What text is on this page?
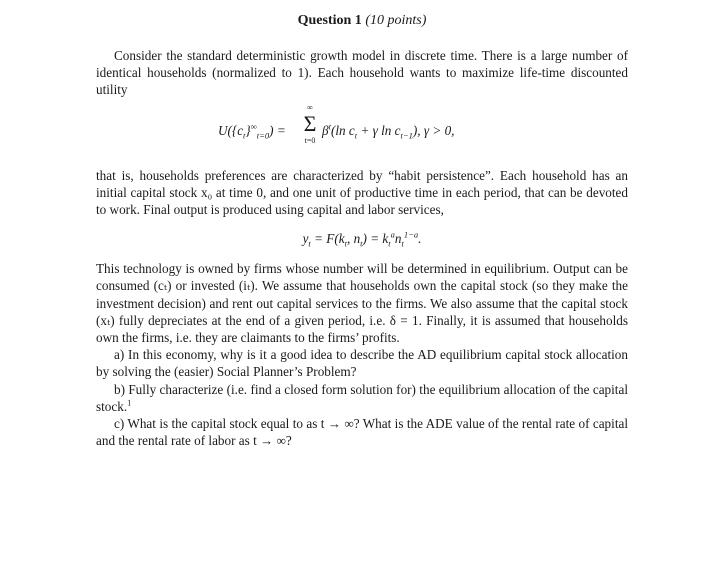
Question 1 (10 points)

Consider the standard deterministic growth model in discrete time. There is a large number of identical households (normalized to 1). Each household wants to maximize life-time discounted utility

$U(\{c_t\}^\infty_{t=0})$ =
∞
Σ
t=0
$\beta^t(\ln$ $c_t + \gamma$ $\ln c_{t-1}$), γ > 0,

that is, households preferences are characterized by “habit persistence”. Each household has an initial capital stock x₀ at time 0, and one unit of productive time in each period, that can be devoted to work. Final output is produced using capital and labor services,

$y_t = F(k_t$, $n_t) = k_t^an_t^{1-a}$.

This technology is owned by firms whose number will be determined in equilibrium. Output can be consumed (cₜ) or invested (iₜ). We assume that households own the capital stock (so they make the investment decision) and rent out capital services to the firms. We also assume that the capital stock (xₜ) fully depreciates at the end of a given period, i.e. δ = 1. Finally, it is assumed that households own the firms, i.e. they are claimants to the firms’ profits.

a) In this economy, why is it a good idea to describe the AD equilibrium capital stock allocation by solving the (easier) Social Planner’s Problem?

b) Fully characterize (i.e. find a closed form solution for) the equilibrium allocation of the capital stock.$^1$

c) What is the capital stock equal to as t → ∞? What is the ADE value of the rental rate of capital and the rental rate of labor as t → ∞?
